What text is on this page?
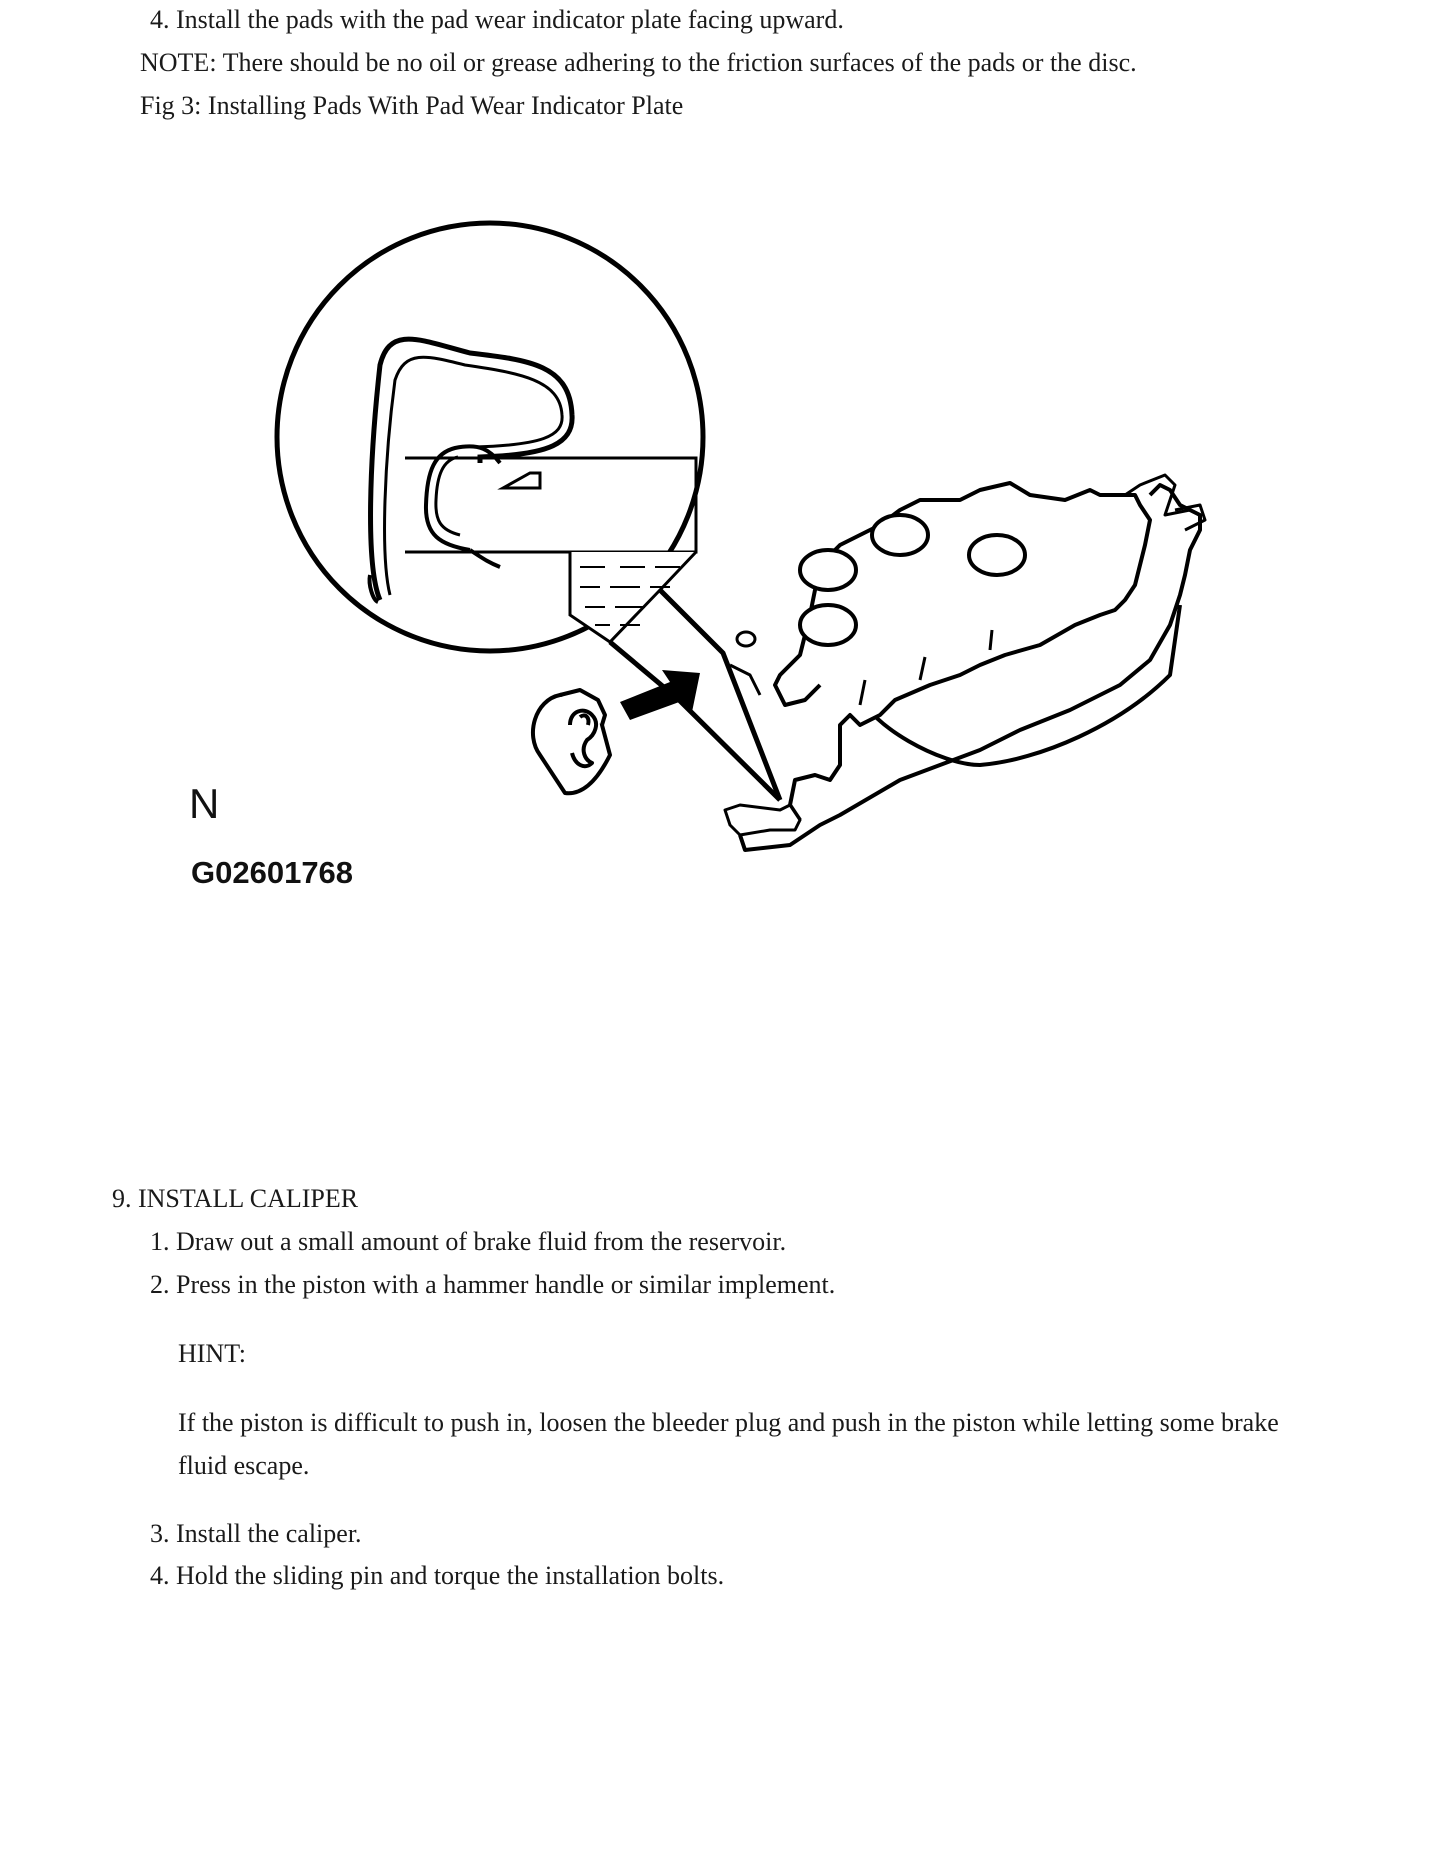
4. Install the pads with the pad wear indicator plate facing upward.
NOTE: There should be no oil or grease adhering to the friction surfaces of the pads or the disc.
Fig 3: Installing Pads With Pad Wear Indicator Plate
N
G02601768
9. INSTALL CALIPER
1. Draw out a small amount of brake fluid from the reservoir.
2. Press in the piston with a hammer handle or similar implement.
HINT:
If the piston is difficult to push in, loosen the bleeder plug and push in the piston while letting some brake
fluid escape.
3. Install the caliper.
4. Hold the sliding pin and torque the installation bolts.
